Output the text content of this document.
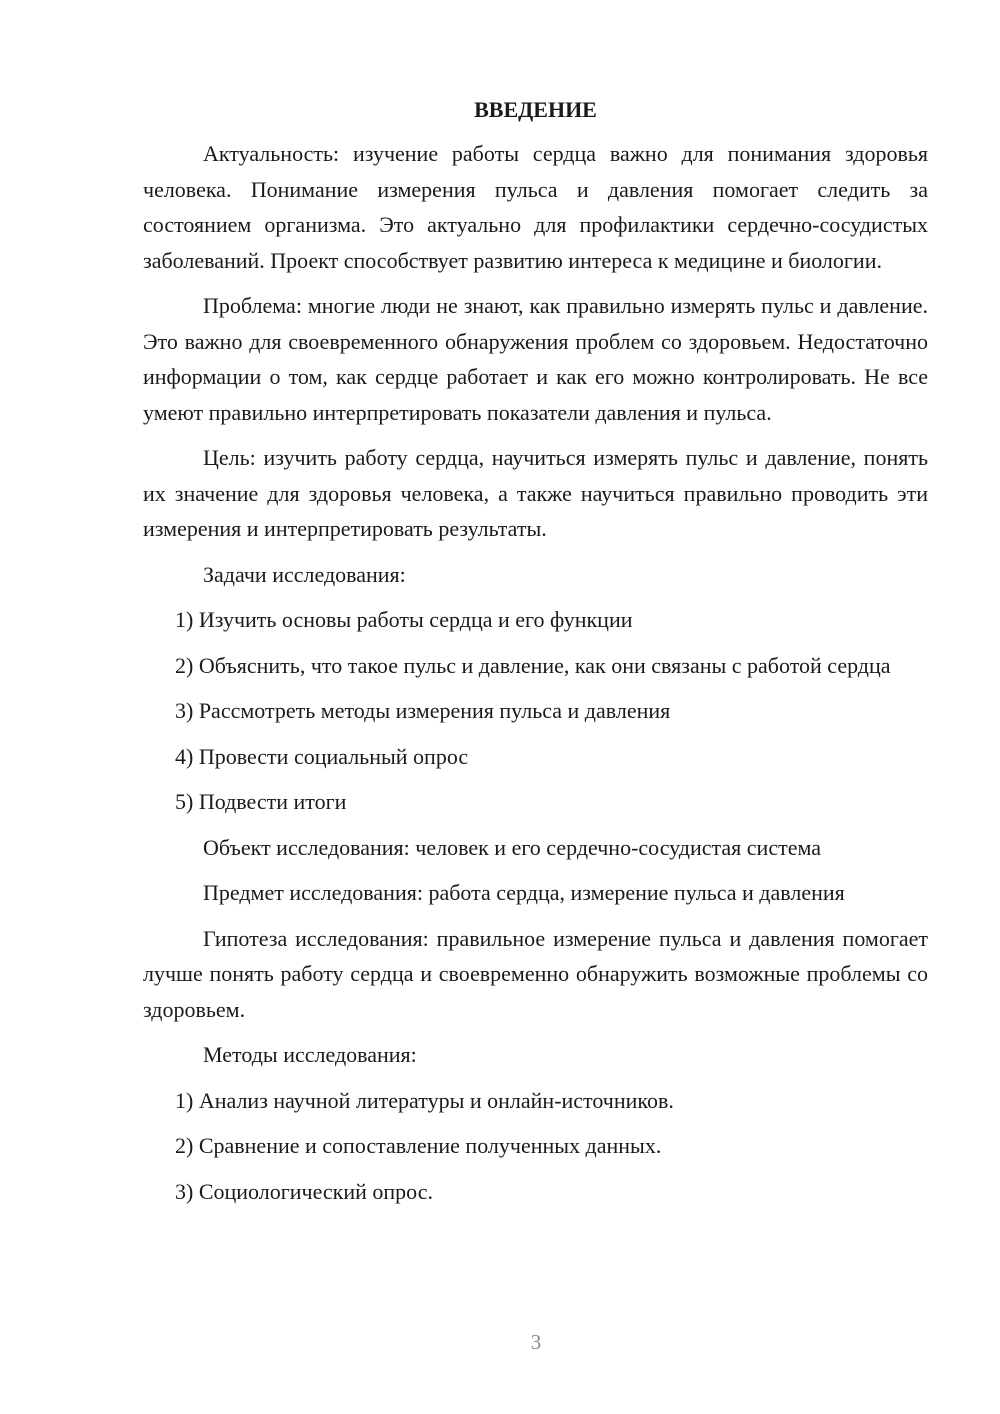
ВВЕДЕНИЕ
Актуальность: изучение работы сердца важно для понимания здоровья человека. Понимание измерения пульса и давления помогает следить за состоянием организма. Это актуально для профилактики сердечно-сосудистых заболеваний. Проект способствует развитию интереса к медицине и биологии.
Проблема: многие люди не знают, как правильно измерять пульс и давление. Это важно для своевременного обнаружения проблем со здоровьем. Недостаточно информации о том, как сердце работает и как его можно контролировать. Не все умеют правильно интерпретировать показатели давления и пульса.
Цель: изучить работу сердца, научиться измерять пульс и давление, понять их значение для здоровья человека, а также научиться правильно проводить эти измерения и интерпретировать результаты.
Задачи исследования:
1) Изучить основы работы сердца и его функции
2) Объяснить, что такое пульс и давление, как они связаны с работой сердца
3) Рассмотреть методы измерения пульса и давления
4) Провести социальный опрос
5) Подвести итоги
Объект исследования: человек и его сердечно-сосудистая система
Предмет исследования: работа сердца, измерение пульса и давления
Гипотеза исследования: правильное измерение пульса и давления помогает лучше понять работу сердца и своевременно обнаружить возможные проблемы со здоровьем.
Методы исследования:
1) Анализ научной литературы и онлайн-источников.
2) Сравнение и сопоставление полученных данных.
3) Социологический опрос.
3
